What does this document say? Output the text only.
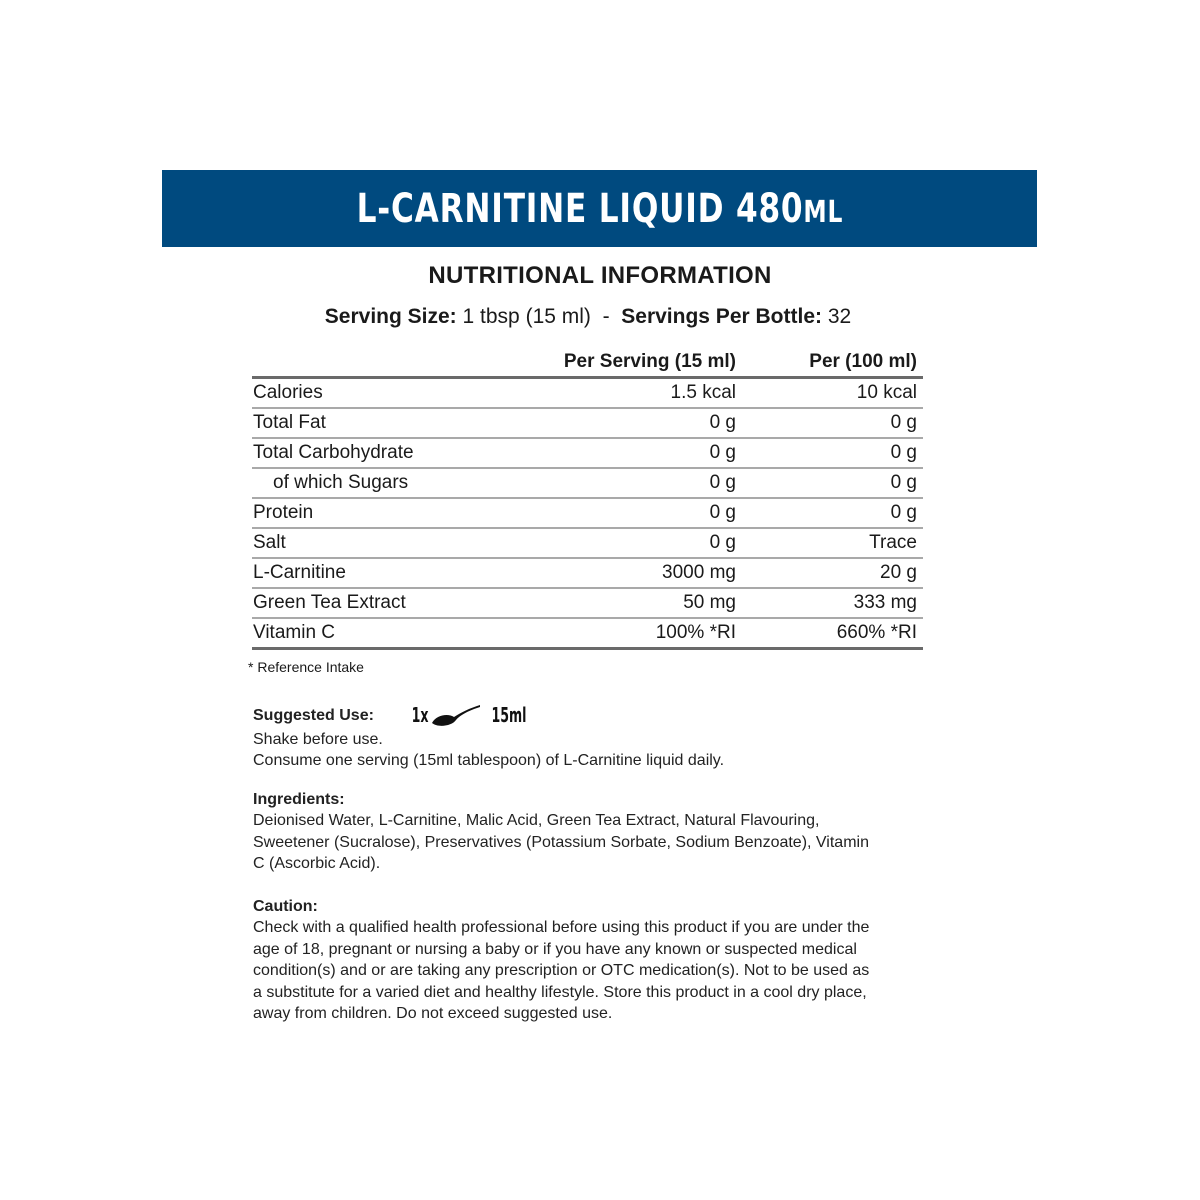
L-CARNITINE LIQUID 480ML
NUTRITIONAL INFORMATION
Serving Size: 1 tbsp (15 ml) - Servings Per Bottle: 32
	Per Serving (15 ml)	Per (100 ml)
Calories	1.5 kcal	10 kcal
Total Fat	0 g	0 g
Total Carbohydrate	0 g	0 g
of which Sugars	0 g	0 g
Protein	0 g	0 g
Salt	0 g	Trace
L-Carnitine	3000 mg	20 g
Green Tea Extract	50 mg	333 mg
Vitamin C	100% *RI	660% *RI
* Reference Intake
Suggested Use: 1x	15ml
Shake before use.
Consume one serving (15ml tablespoon) of L-Carnitine liquid daily.
Ingredients:
Deionised Water, L-Carnitine, Malic Acid, Green Tea Extract, Natural Flavouring,
Sweetener (Sucralose), Preservatives (Potassium Sorbate, Sodium Benzoate), Vitamin
C (Ascorbic Acid).
Caution:
Check with a qualified health professional before using this product if you are under the
age of 18, pregnant or nursing a baby or if you have any known or suspected medical
condition(s) and or are taking any prescription or OTC medication(s). Not to be used as
a substitute for a varied diet and healthy lifestyle. Store this product in a cool dry place,
away from children. Do not exceed suggested use.
